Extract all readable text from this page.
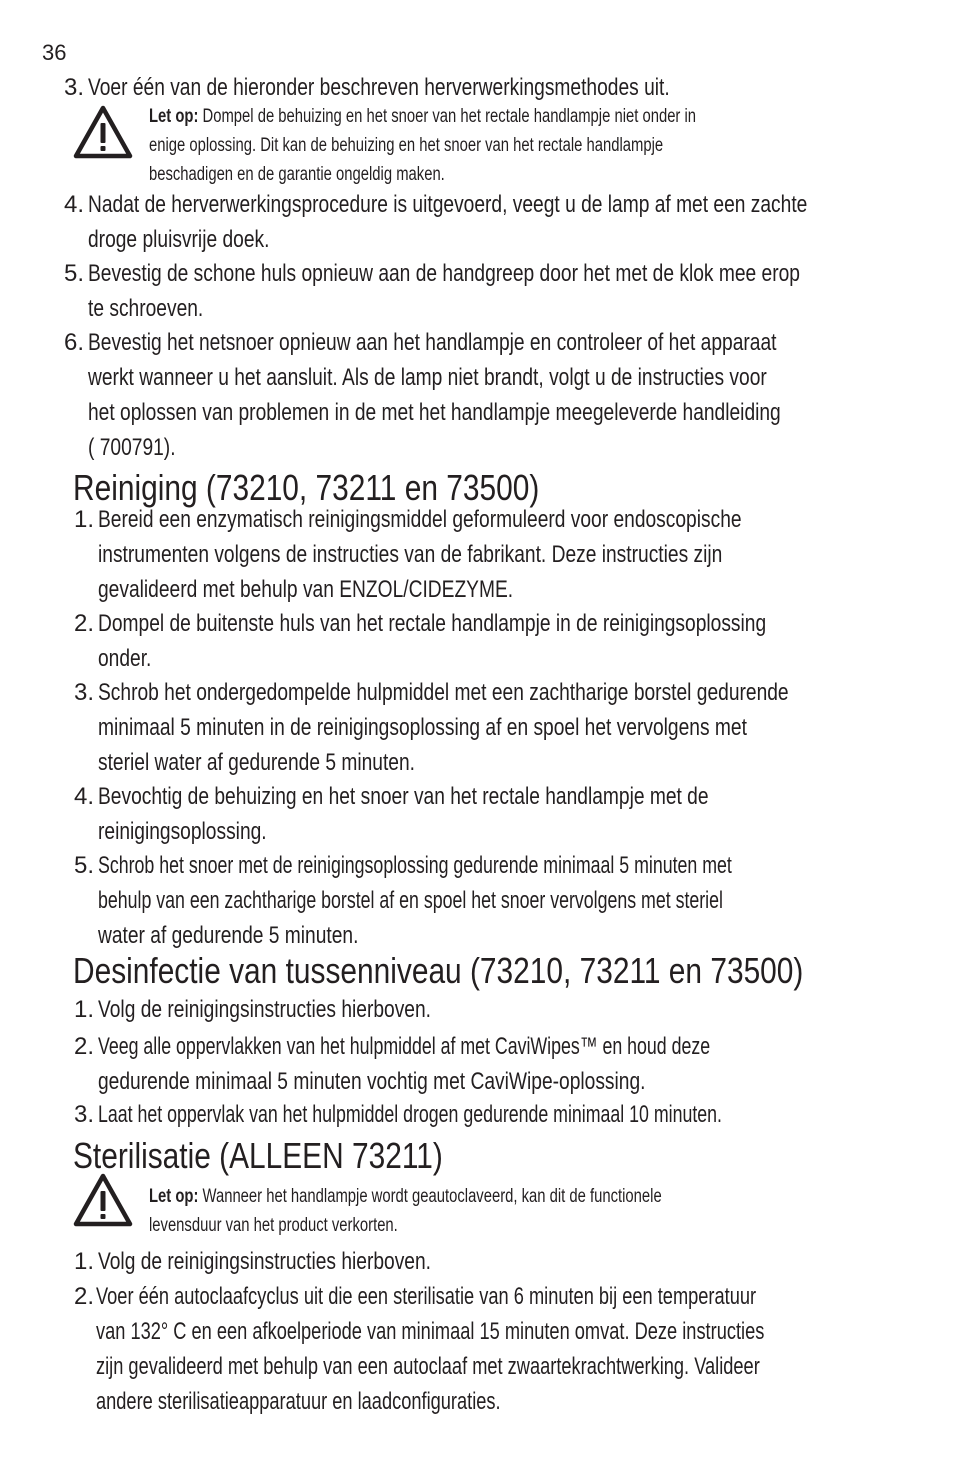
36
3. Voer één van de hieronder beschreven herverwerkingsmethodes uit.
Let op: Dompel de behuizing en het snoer van het rectale handlampje niet onder in
enige oplossing. Dit kan de behuizing en het snoer van het rectale handlampje
beschadigen en de garantie ongeldig maken.
4. Nadat de herverwerkingsprocedure is uitgevoerd, veegt u de lamp af met een zachte
droge pluisvrije doek.
5. Bevestig de schone huls opnieuw aan de handgreep door het met de klok mee erop
te schroeven.
6. Bevestig het netsnoer opnieuw aan het handlampje en controleer of het apparaat
werkt wanneer u het aansluit. Als de lamp niet brandt, volgt u de instructies voor
het oplossen van problemen in de met het handlampje meegeleverde handleiding
( 700791).
Reiniging (73210, 73211 en 73500)
1. Bereid een enzymatisch reinigingsmiddel geformuleerd voor endoscopische
instrumenten volgens de instructies van de fabrikant. Deze instructies zijn
gevalideerd met behulp van ENZOL/CIDEZYME.
2. Dompel de buitenste huls van het rectale handlampje in de reinigingsoplossing
onder.
3. Schrob het ondergedompelde hulpmiddel met een zachtharige borstel gedurende
minimaal 5 minuten in de reinigingsoplossing af en spoel het vervolgens met
steriel water af gedurende 5 minuten.
4. Bevochtig de behuizing en het snoer van het rectale handlampje met de
reinigingsoplossing.
5. Schrob het snoer met de reinigingsoplossing gedurende minimaal 5 minuten met
behulp van een zachtharige borstel af en spoel het snoer vervolgens met steriel
water af gedurende 5 minuten.
Desinfectie van tussenniveau (73210, 73211 en 73500)
1. Volg de reinigingsinstructies hierboven.
2. Veeg alle oppervlakken van het hulpmiddel af met CaviWipes™ en houd deze
gedurende minimaal 5 minuten vochtig met CaviWipe-oplossing.
3. Laat het oppervlak van het hulpmiddel drogen gedurende minimaal 10 minuten.
Sterilisatie (ALLEEN 73211)
Let op: Wanneer het handlampje wordt geautoclaveerd, kan dit de functionele
levensduur van het product verkorten.
1. Volg de reinigingsinstructies hierboven.
2. Voer één autoclaafcyclus uit die een sterilisatie van 6 minuten bij een temperatuur
van 132° C en een afkoelperiode van minimaal 15 minuten omvat. Deze instructies
zijn gevalideerd met behulp van een autoclaaf met zwaartekrachtwerking. Valideer
andere sterilisatieapparatuur en laadconfiguraties.
